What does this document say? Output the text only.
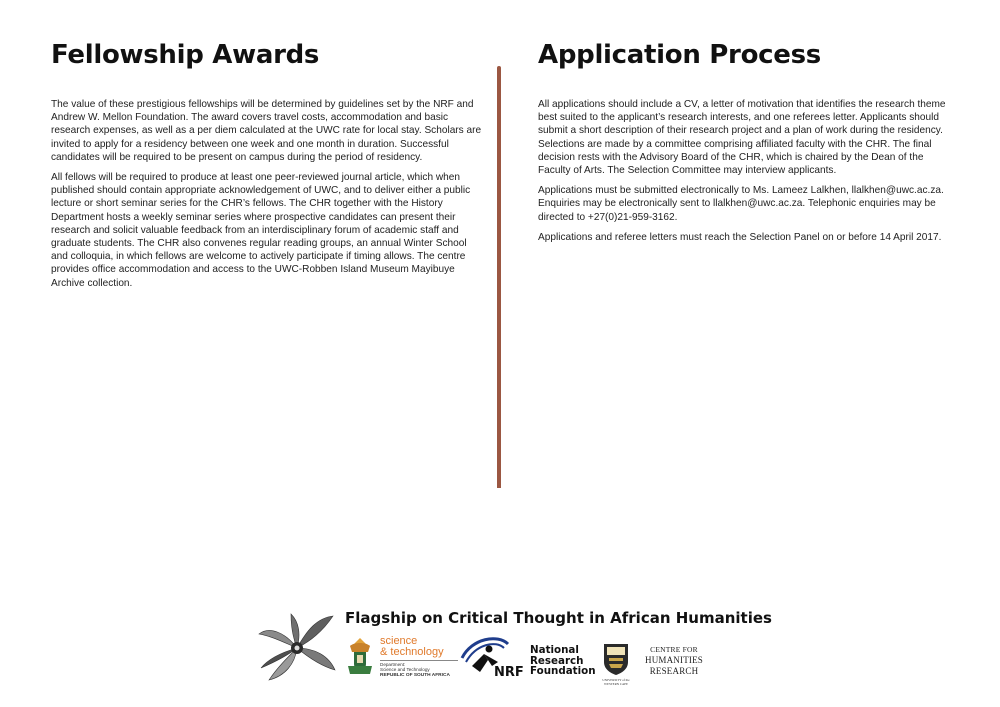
Fellowship Awards

The value of these prestigious fellowships will be determined by guidelines set by the NRF and Andrew W. Mellon Foundation. The award covers travel costs, accommodation and basic research expenses, as well as a per diem calculated at the UWC rate for local stay. Scholars are invited to apply for a residency between one week and one month in duration. Successful candidates will be required to be present on campus during the period of residency.

All fellows will be required to produce at least one peer-reviewed journal article, which when published should contain appropriate acknowledgement of UWC, and to deliver either a public lecture or short seminar series for the CHR’s fellows. The CHR together with the History Department hosts a weekly seminar series where prospective candidates can present their research and solicit valuable feedback from an interdisciplinary forum of academic staff and graduate students. The CHR also convenes regular reading groups, an annual Winter School and colloquia, in which fellows are welcome to actively participate if timing allows. The centre provides office accommodation and access to the UWC-Robben Island Museum Mayibuye Archive collection.

Application Process

All applications should include a CV, a letter of motivation that identifies the research theme best suited to the applicant’s research interests, and one referees letter. Applicants should submit a short description of their research project and a plan of work during the residency. Selections are made by a committee comprising affiliated faculty with the CHR. The final decision rests with the Advisory Board of the CHR, which is chaired by the Dean of the Faculty of Arts. The Selection Committee may interview applicants.

Applications must be submitted electronically to Ms. Lameez Lalkhen, llalkhen@uwc.ac.za. Enquiries may be electronically sent to llalkhen@uwc.ac.za. Telephonic enquiries may be directed to +27(0)21-959-3162.

Applications and referee letters must reach the Selection Panel on or before 14 April 2017.

Flagship on Critical Thought in African Humanities
science
& technology
Department:
Science and Technology
REPUBLIC OF SOUTH AFRICA	NRF
National
Research
Foundation
UNIVERSITY of the
WESTERN CAPE
CENTRE FOR
HUMANITIES
RESEARCH
